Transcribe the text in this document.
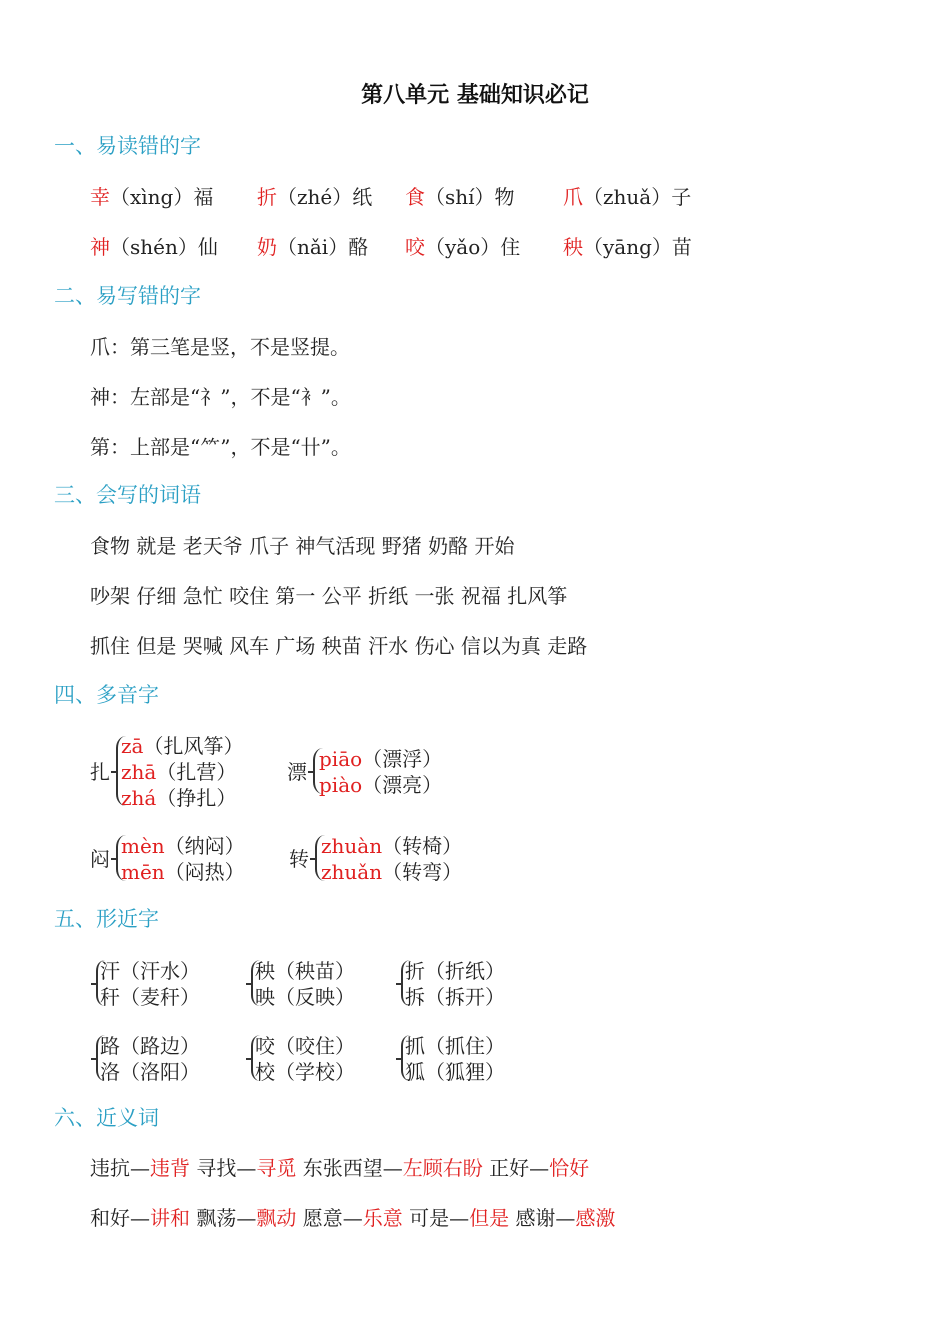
第八单元 基础知识必记
一、易读错的字
幸（xìng）福 折（zhé）纸 食（shí）物 爪（zhuǎ）子
神（shén）仙 奶（nǎi）酪 咬（yǎo）住 秧（yāng）苗
二、易写错的字
爪：第三笔是竖，不是竖提。
神：左部是“礻”，不是“衤”。
第：上部是“⺮”，不是“卄”。
三、会写的词语
食物 就是 老天爷 爪子 神气活现 野猪 奶酪 开始
吵架 仔细 急忙 咬住 第一 公平 折纸 一张 祝福 扎风筝
抓住 但是 哭喊 风车 广场 秧苗 汗水 伤心 信以为真 走路
四、多音字
扎
zā（扎风筝）
zhā（扎营）
zhá（挣扎）
漂
piāo（漂浮）
piào（漂亮）
闷
mèn（纳闷）
mēn（闷热）
转
zhuàn（转椅）
zhuǎn（转弯）
五、形近字
汗（汗水）
秆（麦秆）
秧（秧苗）
映（反映）
折（折纸）
拆（拆开）
路（路边）
洛（洛阳）
咬（咬住）
校（学校）
抓（抓住）
狐（狐狸）
六、近义词
违抗—违背 寻找—寻觅 东张西望—左顾右盼 正好—恰好
和好—讲和 飘荡—飘动 愿意—乐意 可是—但是 感谢—感激
